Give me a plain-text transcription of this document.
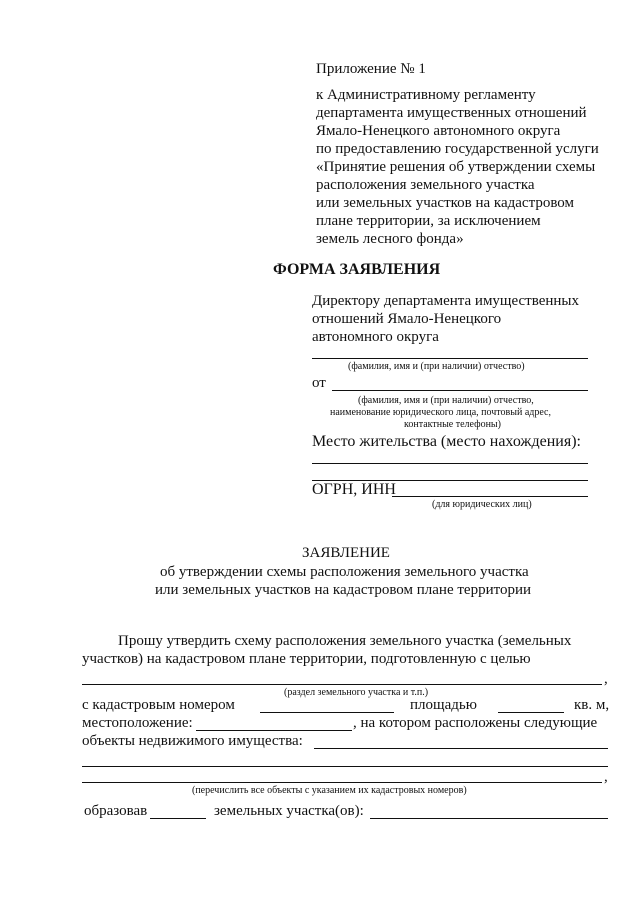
Приложение № 1
к Административному регламенту
департамента имущественных отношений
Ямало-Ненецкого автономного округа
по предоставлению государственной услуги
«Принятие решения об утверждении схемы
расположения земельного участка
или земельных участков на кадастровом
плане территории, за исключением
земель лесного фонда»
ФОРМА ЗАЯВЛЕНИЯ
Директору департамента имущественных
отношений Ямало-Ненецкого
автономного округа
(фамилия, имя и (при наличии) отчество)
от
(фамилия, имя и (при наличии) отчество,
наименование юридического лица, почтовый адрес,
контактные телефоны)
Место жительства (место нахождения):
ОГРН, ИНН
(для юридических лиц)
ЗАЯВЛЕНИЕ
об утверждении схемы расположения земельного участка
или земельных участков на кадастровом плане территории
Прошу утвердить схему расположения земельного участка (земельных
участков) на кадастровом плане территории, подготовленную с целью
,
(раздел земельного участка и т.п.)
с кадастровым номером	площадью	кв. м,
местоположение:	, на котором расположены следующие
объекты недвижимого имущества:
,
(перечислить все объекты с указанием их кадастровых номеров)
образовав	земельных участка(ов):
